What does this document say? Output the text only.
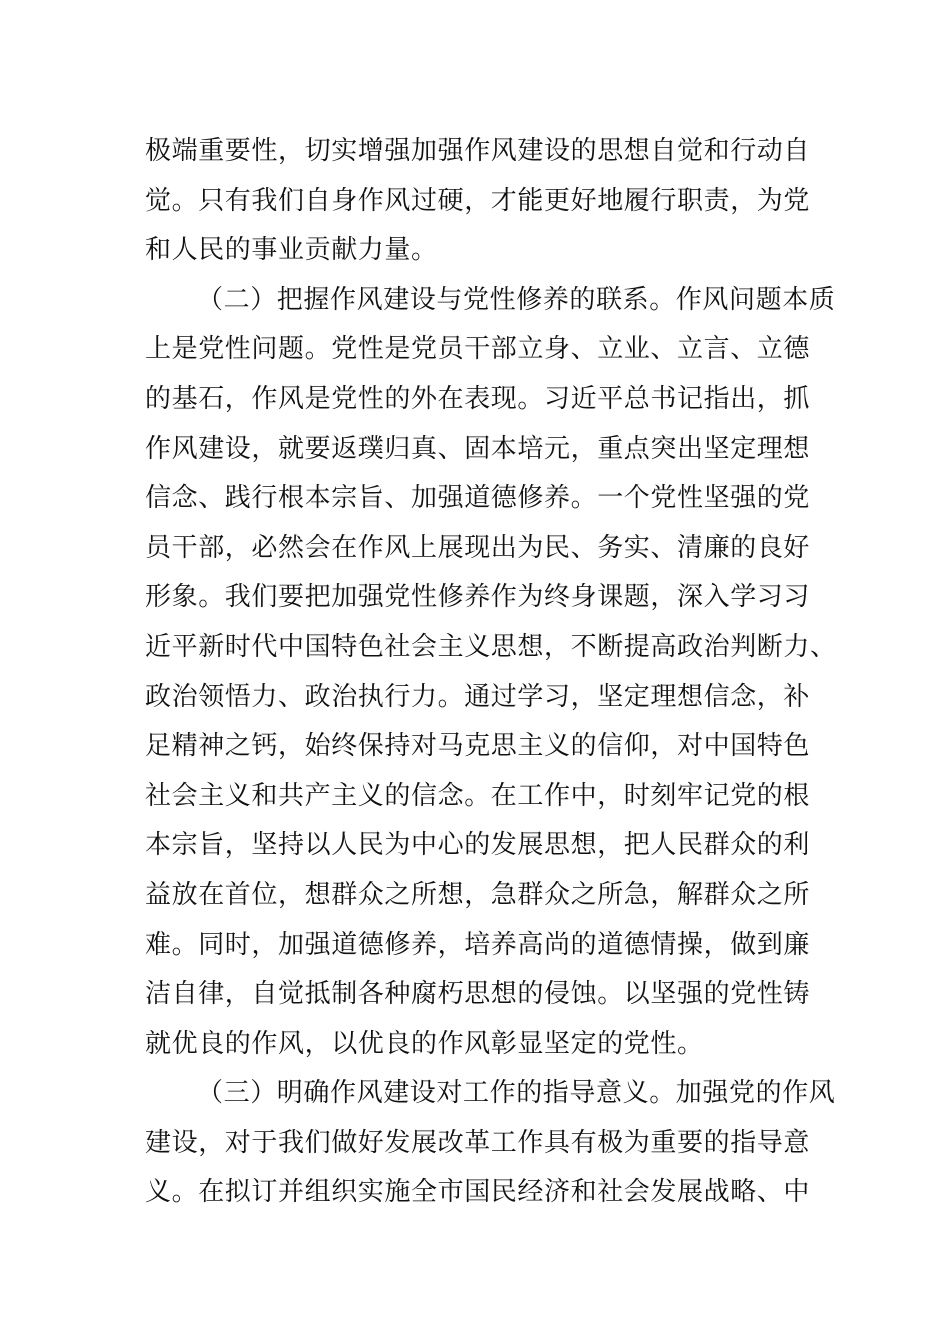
极端重要性，切实增强加强作风建设的思想自觉和行动自
觉。只有我们自身作风过硬，才能更好地履行职责，为党
和人民的事业贡献力量。
（二）把握作风建设与党性修养的联系。作风问题本质
上是党性问题。党性是党员干部立身、立业、立言、立德
的基石，作风是党性的外在表现。习近平总书记指出，抓
作风建设，就要返璞归真、固本培元，重点突出坚定理想
信念、践行根本宗旨、加强道德修养。一个党性坚强的党
员干部，必然会在作风上展现出为民、务实、清廉的良好
形象。我们要把加强党性修养作为终身课题，深入学习习
近平新时代中国特色社会主义思想，不断提高政治判断力、
政治领悟力、政治执行力。通过学习，坚定理想信念，补
足精神之钙，始终保持对马克思主义的信仰，对中国特色
社会主义和共产主义的信念。在工作中，时刻牢记党的根
本宗旨，坚持以人民为中心的发展思想，把人民群众的利
益放在首位，想群众之所想，急群众之所急，解群众之所
难。同时，加强道德修养，培养高尚的道德情操，做到廉
洁自律，自觉抵制各种腐朽思想的侵蚀。以坚强的党性铸
就优良的作风，以优良的作风彰显坚定的党性。
（三）明确作风建设对工作的指导意义。加强党的作风
建设，对于我们做好发展改革工作具有极为重要的指导意
义。在拟订并组织实施全市国民经济和社会发展战略、中
